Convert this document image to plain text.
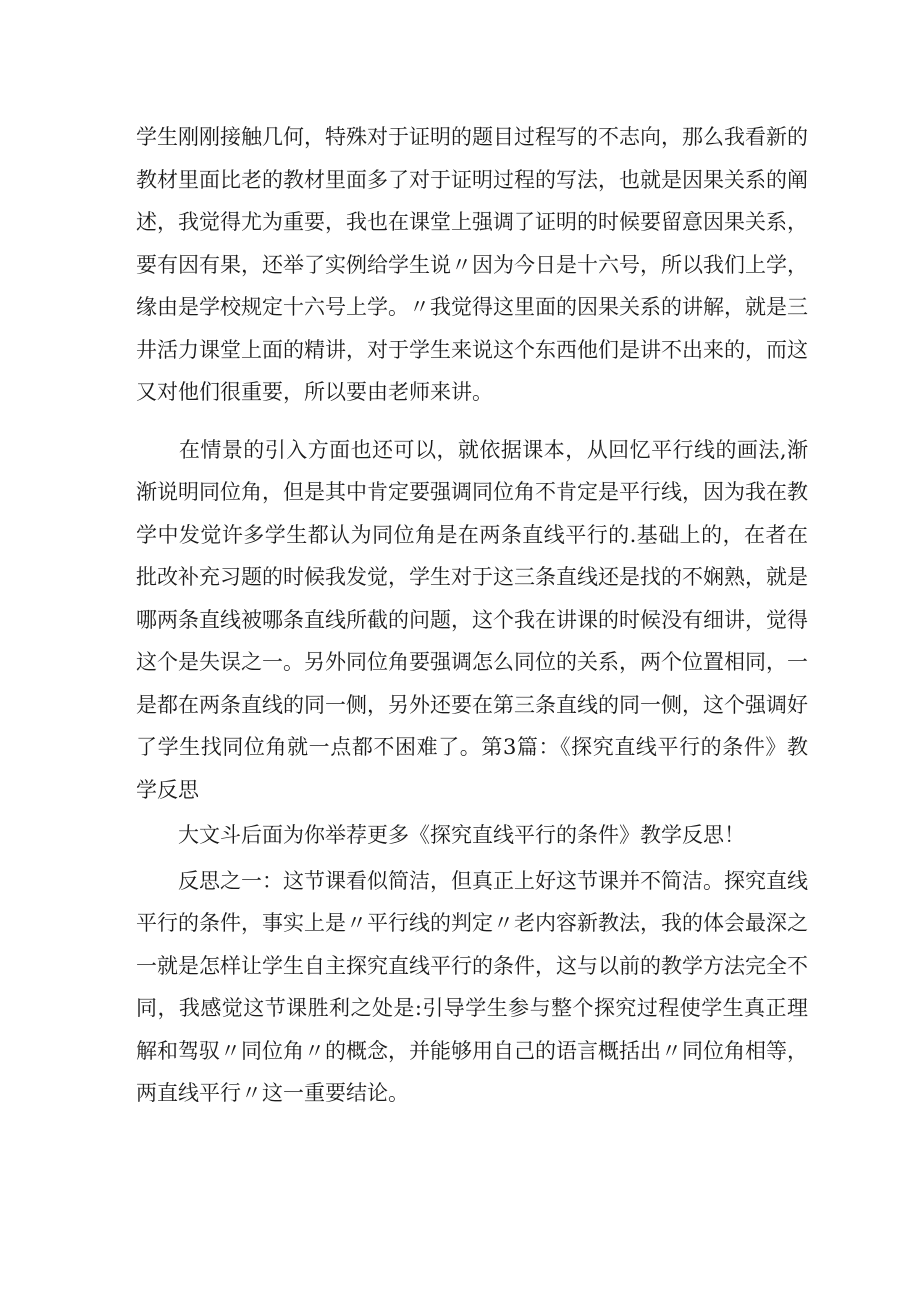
学生刚刚接触几何，特殊对于证明的题目过程写的不志向，那么我看新的教材里面比老的教材里面多了对于证明过程的写法，也就是因果关系的阐述，我觉得尤为重要，我也在课堂上强调了证明的时候要留意因果关系，要有因有果，还举了实例给学生说〃因为今日是十六号，所以我们上学，缘由是学校规定十六号上学。〃我觉得这里面的因果关系的讲解，就是三井活力课堂上面的精讲，对于学生来说这个东西他们是讲不出来的，而这又对他们很重要，所以要由老师来讲。

　　在情景的引入方面也还可以，就依据课本，从回忆平行线的画法,渐渐说明同位角，但是其中肯定要强调同位角不肯定是平行线，因为我在教学中发觉许多学生都认为同位角是在两条直线平行的.基础上的，在者在批改补充习题的时候我发觉，学生对于这三条直线还是找的不娴熟，就是哪两条直线被哪条直线所截的问题，这个我在讲课的时候没有细讲，觉得这个是失误之一。另外同位角要强调怎么同位的关系，两个位置相同，一是都在两条直线的同一侧，另外还要在第三条直线的同一侧，这个强调好了学生找同位角就一点都不困难了。第3篇：《探究直线平行的条件》教学反思

　　大文斗后面为你举荐更多《探究直线平行的条件》教学反思！

　　反思之一：这节课看似简洁，但真正上好这节课并不简洁。探究直线平行的条件，事实上是〃平行线的判定〃老内容新教法，我的体会最深之一就是怎样让学生自主探究直线平行的条件，这与以前的教学方法完全不同，我感觉这节课胜利之处是:引导学生参与整个探究过程使学生真正理解和驾驭〃同位角〃的概念，并能够用自己的语言概括出〃同位角相等，两直线平行〃这一重要结论。
